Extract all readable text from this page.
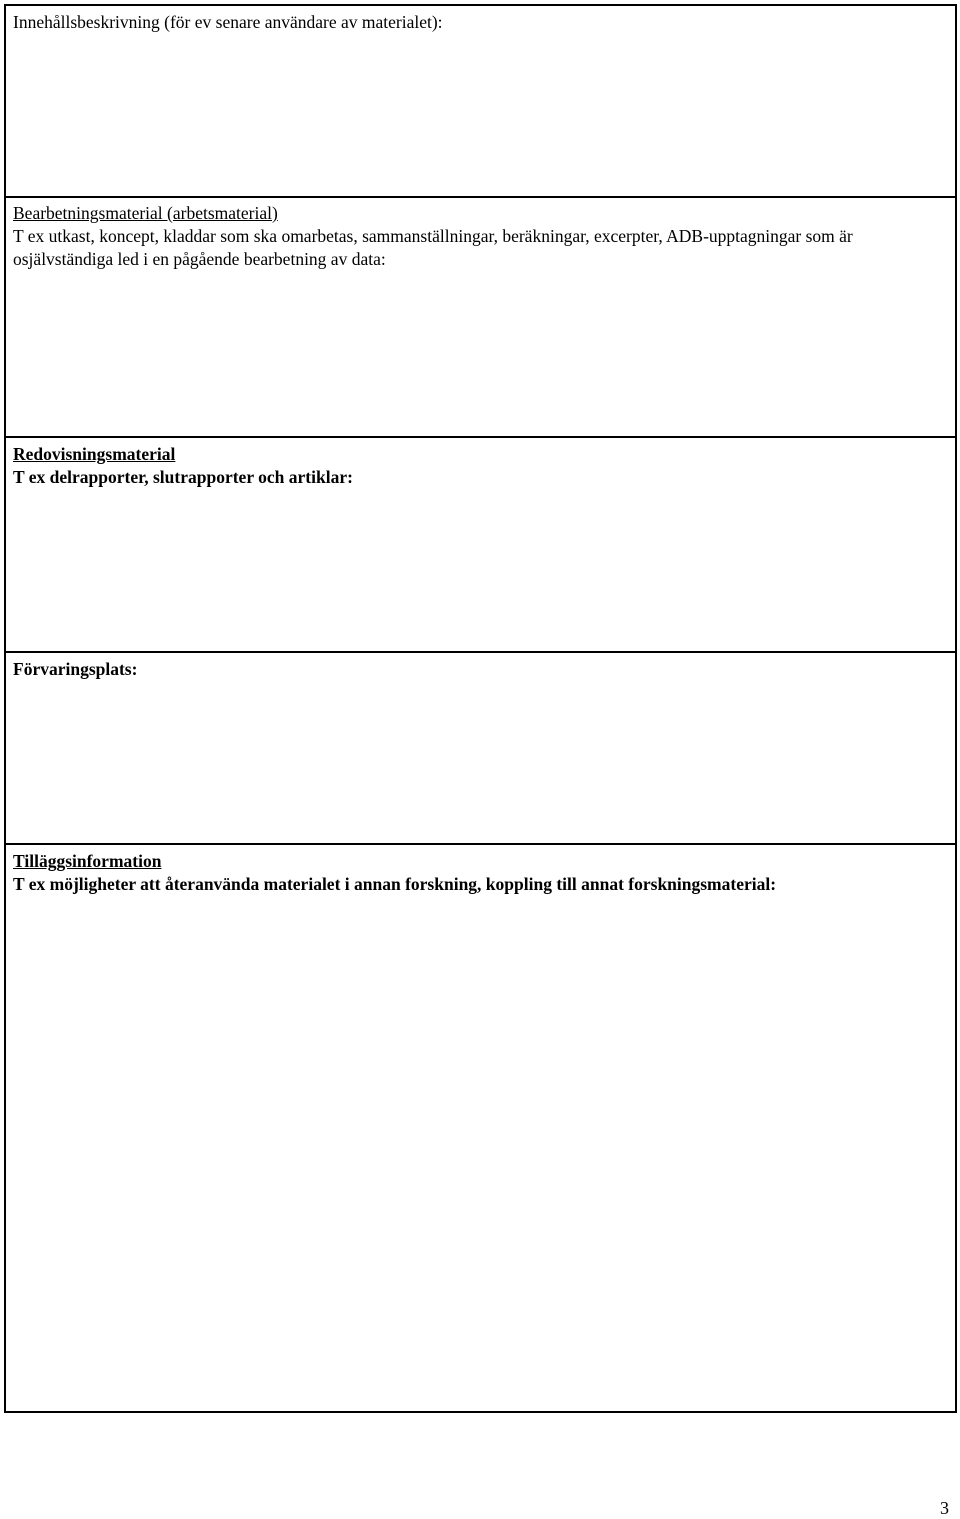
Innehållsbeskrivning (för ev senare användare av materialet):
Bearbetningsmaterial (arbetsmaterial)
T ex utkast, koncept, kladdar som ska omarbetas, sammanställningar, beräkningar, excerpter, ADB-upptagningar som är osjälvständiga led i en pågående bearbetning av data:
Redovisningsmaterial
T ex delrapporter, slutrapporter och artiklar:
Förvaringsplats:
Tilläggsinformation
T ex möjligheter att återanvända materialet i annan forskning, koppling till annat forskningsmaterial:
3
